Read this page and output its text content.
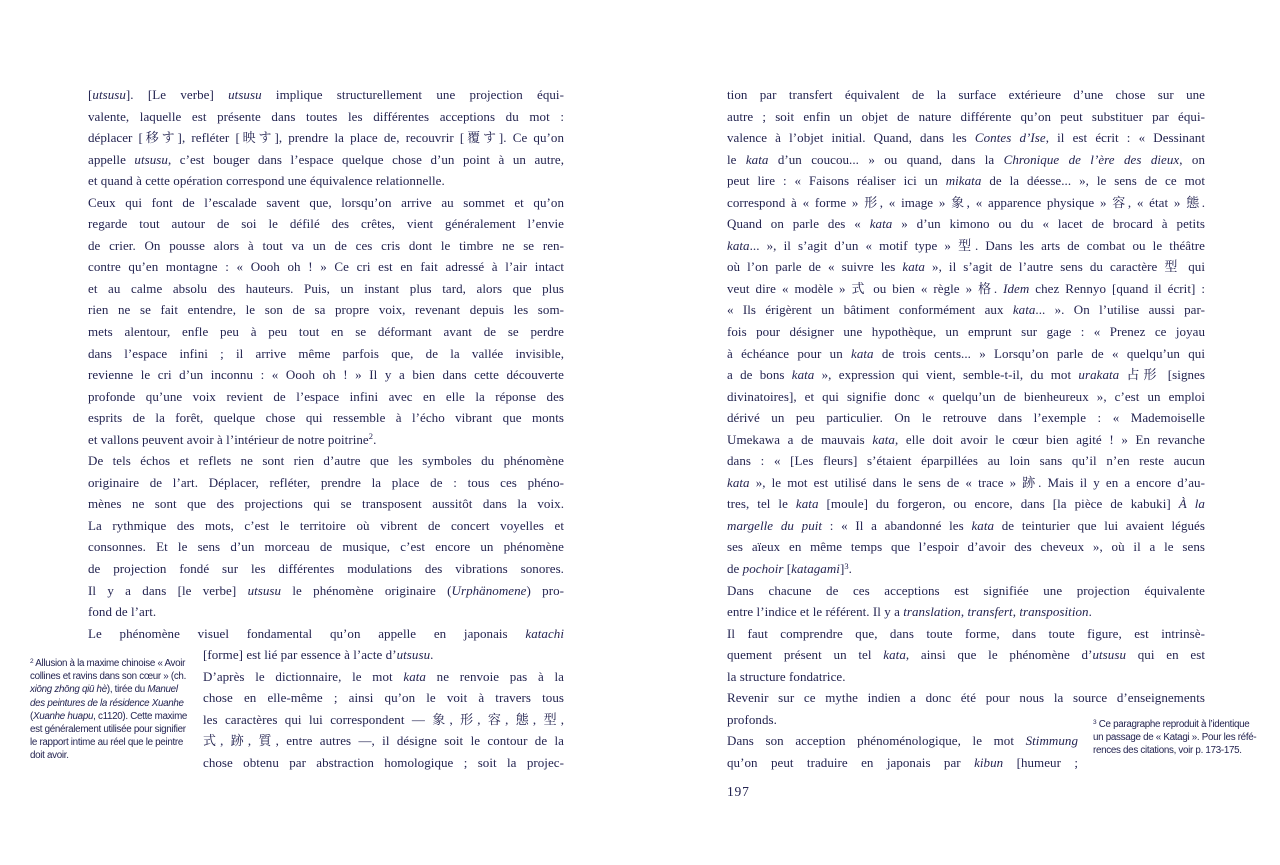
[utsusu]. [Le verbe] utsusu implique structurellement une projection équi-
valente, laquelle est présente dans toutes les différentes acceptions du mot :
déplacer [移す], refléter [映す], prendre la place de, recouvrir [覆す]. Ce qu’on
appelle utsusu, c’est bouger dans l’espace quelque chose d’un point à un autre,
et quand à cette opération correspond une équivalence relationnelle.
Ceux qui font de l’escalade savent que, lorsqu’on arrive au sommet et qu’on
regarde tout autour de soi le défilé des crêtes, vient généralement l’envie
de crier. On pousse alors à tout va un de ces cris dont le timbre ne se ren-
contre qu’en montagne : « Oooh oh ! » Ce cri est en fait adressé à l’air intact
et au calme absolu des hauteurs. Puis, un instant plus tard, alors que plus
rien ne se fait entendre, le son de sa propre voix, revenant depuis les som-
mets alentour, enfle peu à peu tout en se déformant avant de se perdre
dans l’espace infini ; il arrive même parfois que, de la vallée invisible,
revienne le cri d’un inconnu : « Oooh oh ! » Il y a bien dans cette découverte
profonde qu’une voix revient de l’espace infini avec en elle la réponse des
esprits de la forêt, quelque chose qui ressemble à l’écho vibrant que monts
et vallons peuvent avoir à l’intérieur de notre poitrine$^2$.
De tels échos et reflets ne sont rien d’autre que les symboles du phénomène
originaire de l’art. Déplacer, refléter, prendre la place de : tous ces phéno-
mènes ne sont que des projections qui se transposent aussitôt dans la voix.
La rythmique des mots, c’est le territoire où vibrent de concert voyelles et
consonnes. Et le sens d’un morceau de musique, c’est encore un phénomène
de projection fondé sur les différentes modulations des vibrations sonores.
Il y a dans [le verbe] utsusu le phénomène originaire (Urphänomene) pro-
fond de l’art.
Le phénomène visuel fondamental qu’on appelle en japonais katachi
[forme] est lié par essence à l’acte d’utsusu.
D’après le dictionnaire, le mot kata ne renvoie pas à la
chose en elle-même ; ainsi qu’on le voit à travers tous
les caractères qui lui correspondent — 象, 形, 容, 態, 型,
式, 跡, 質, entre autres —, il désigne soit le contour de la
chose obtenu par abstraction homologique ; soit la projec-
$^2$ Allusion à la maxime chinoise « Avoir
collines et ravins dans son cœur » (ch.
xiōng zhōng qiū hè), tirée du Manuel
des peintures de la résidence Xuanhe
(Xuanhe huapu, c1120). Cette maxime
est généralement utilisée pour signifier
le rapport intime au réel que le peintre
doit avoir.
tion par transfert équivalent de la surface extérieure d’une chose sur une
autre ; soit enfin un objet de nature différente qu’on peut substituer par équi-
valence à l’objet initial. Quand, dans les Contes d’Ise, il est écrit : « Dessinant
le kata d’un coucou... » ou quand, dans la Chronique de l’ère des dieux, on
peut lire : « Faisons réaliser ici un mikata de la déesse... », le sens de ce mot
correspond à « forme » 形, « image » 象, « apparence physique » 容, « état » 態.
Quand on parle des « kata » d’un kimono ou du « lacet de brocard à petits
kata... », il s’agit d’un « motif type » 型. Dans les arts de combat ou le théâtre
où l’on parle de « suivre les kata », il s’agit de l’autre sens du caractère 型 qui
veut dire « modèle » 式 ou bien « règle » 格. Idem chez Rennyo [quand il écrit] :
« Ils érigèrent un bâtiment conformément aux kata... ». On l’utilise aussi par-
fois pour désigner une hypothèque, un emprunt sur gage : « Prenez ce joyau
à échéance pour un kata de trois cents... » Lorsqu’on parle de « quelqu’un qui
a de bons kata », expression qui vient, semble-t-il, du mot urakata 占形 [signes
divinatoires], et qui signifie donc « quelqu’un de bienheureux », c’est un emploi
dérivé un peu particulier. On le retrouve dans l’exemple : « Mademoiselle
Umekawa a de mauvais kata, elle doit avoir le cœur bien agité ! » En revanche
dans : « [Les fleurs] s’étaient éparpillées au loin sans qu’il n’en reste aucun
kata », le mot est utilisé dans le sens de « trace » 跡. Mais il y en a encore d’au-
tres, tel le kata [moule] du forgeron, ou encore, dans [la pièce de kabuki] À la
margelle du puit : « Il a abandonné les kata de teinturier que lui avaient légués
ses aïeux en même temps que l’espoir d’avoir des cheveux », où il a le sens
de pochoir [katagami]$^3$.
Dans chacune de ces acceptions est signifiée une projection équivalente
entre l’indice et le référent. Il y a translation, transfert, transposition.
Il faut comprendre que, dans toute forme, dans toute figure, est intrinsè-
quement présent un tel kata, ainsi que le phénomène d’utsusu qui en est
la structure fondatrice.
Revenir sur ce mythe indien a donc été pour nous la source d’enseignements
profonds.
Dans son acception phénoménologique, le mot Stimmung
qu’on peut traduire en japonais par kibun [humeur ;
$^3$ Ce paragraphe reproduit à l’identique
un passage de « Katagi ». Pour les réfé-
rences des citations, voir p. 173-175.
197
